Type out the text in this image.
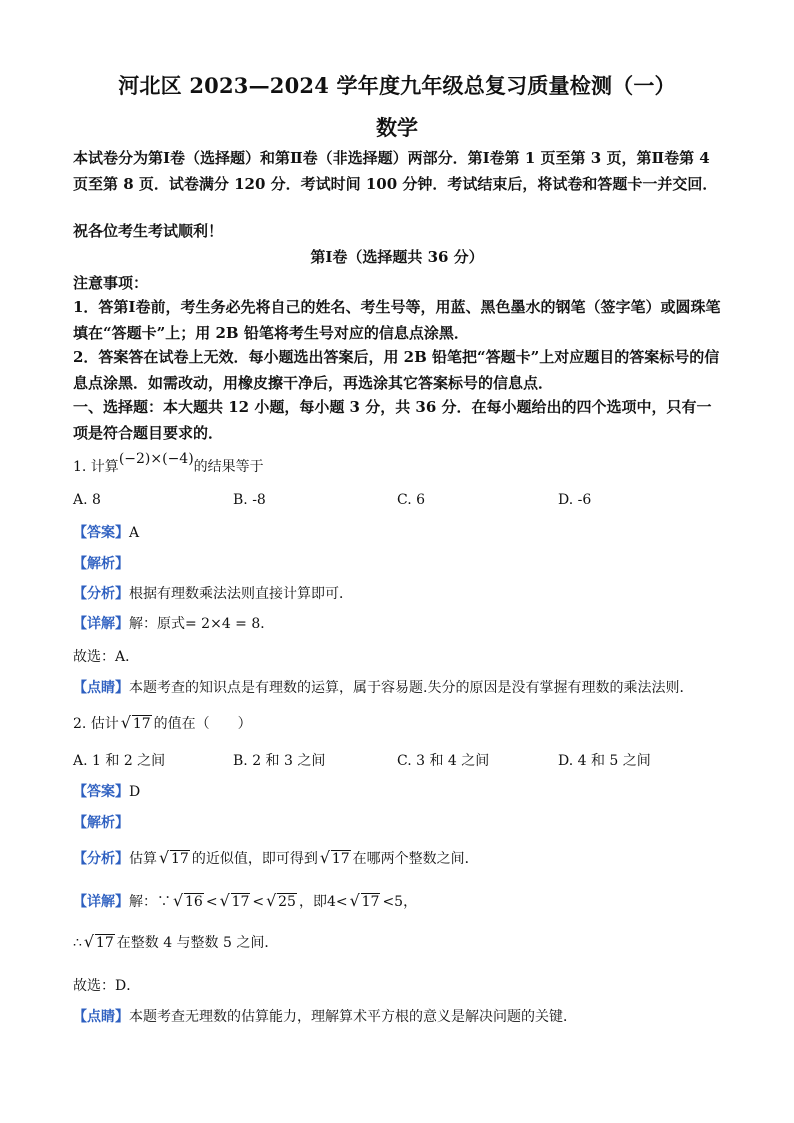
河北区 2023—2024 学年度九年级总复习质量检测（一）
数学
本试卷分为第Ⅰ卷（选择题）和第Ⅱ卷（非选择题）两部分．第Ⅰ卷第 1 页至第 3 页，第Ⅱ卷第 4 页至第 8 页．试卷满分 120 分．考试时间 100 分钟．考试结束后，将试卷和答题卡一并交回．
祝各位考生考试顺利！
第Ⅰ卷（选择题共 36 分）
注意事项：
1．答第Ⅰ卷前，考生务必先将自己的姓名、考生号等，用蓝、黑色墨水的钢笔（签字笔）或圆珠笔填在“答题卡”上；用 2B 铅笔将考生号对应的信息点涂黑．
2．答案答在试卷上无效．每小题选出答案后，用 2B 铅笔把“答题卡”上对应题目的答案标号的信息点涂黑．如需改动，用橡皮擦干净后，再选涂其它答案标号的信息点．
一、选择题：本大题共 12 小题，每小题 3 分，共 36 分．在每小题给出的四个选项中，只有一项是符合题目要求的．
1. 计算(−2)×(−4)的结果等于
A. 8	B. -8	C. 6	D. -6
【答案】A
【解析】
【分析】根据有理数乘法法则直接计算即可．
【详解】解：原式= 2×4 = 8．
故选：A．
【点睛】本题考查的知识点是有理数的运算，属于容易题.失分的原因是没有掌握有理数的乘法法则．
2. 估计 √ 17 的值在（　　）
A. 1 和 2 之间	B. 2 和 3 之间	C. 3 和 4 之间	D. 4 和 5 之间
【答案】D
【解析】
【分析】估算 √ 17 的近似值，即可得到 √ 17 在哪两个整数之间．
【详解】解：∵ √ 16 < √ 17 < √ 25 ，即4< √ 17 <5，
∴ √ 17 在整数 4 与整数 5 之间．
故选：D．
【点睛】本题考查无理数的估算能力，理解算术平方根的意义是解决问题的关键．
